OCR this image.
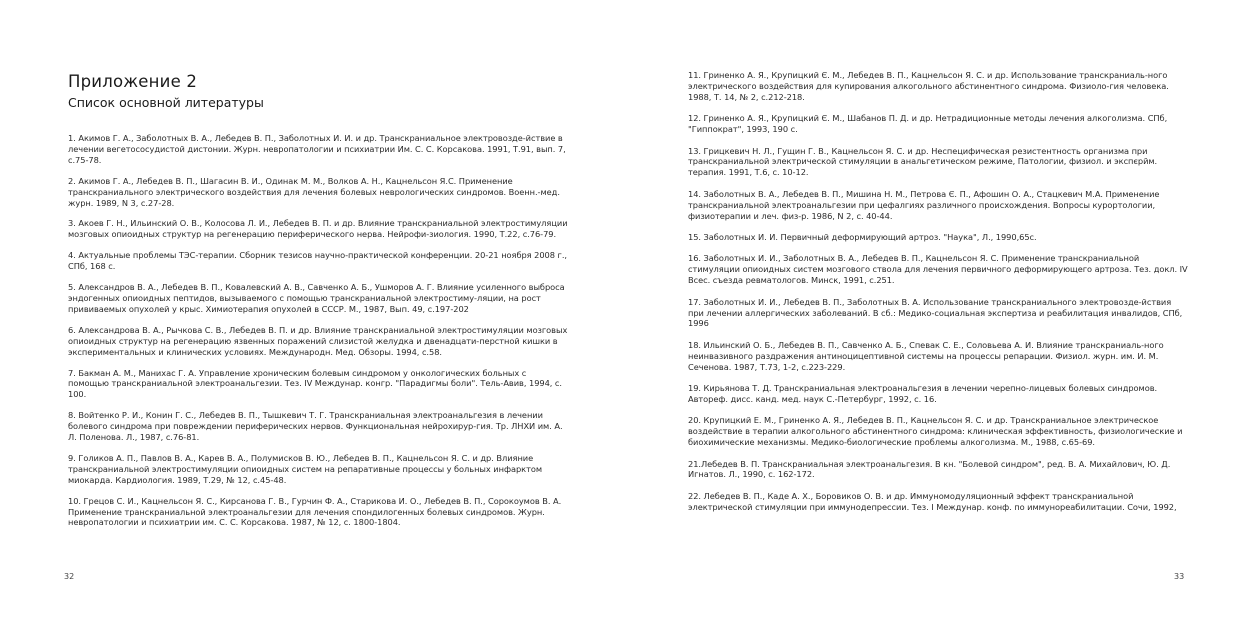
Приложение 2
Список основной литературы

1. Акимов Г. А., Заболотных В. А., Лебедев В. П., Заболотных И. И. и др. Транскраниальное электровозде-йствие в лечении вегетососудистой дистонии. Журн. невропатологии и психиатрии Им. С. С. Корсакова. 1991, Т.91, вып. 7, с.75-78.

2. Акимов Г. А., Лебедев В. П., Шагасин В. И., Одинак М. М., Волков А. Н., Кацнельсон Я.С. Применение транскраниального электрического воздействия для лечения болевых неврологических синдромов. Военн.-мед. журн. 1989, N 3, с.27-28.

3. Акоев Г. Н., Ильинский О. В., Колосова Л. И., Лебедев В. П. и др. Влияние транскраниальной электростимуляции мозговых опиоидных структур на регенерацию периферического нерва. Нейрофи-зиология. 1990, Т.22, с.76-79.

4. Актуальные проблемы ТЭС-терапии. Сборник тезисов научно-практической конференции. 20-21 ноября 2008 г., СПб, 168 с.

5. Александров В. А., Лебедев В. П., Ковалевский А. В., Савченко А. Б., Ушморов А. Г. Влияние усиленного выброса эндогенных опиоидных пептидов, вызываемого с помощью транскраниальной электростиму-ляции, на рост прививаемых опухолей у крыс. Химиотерапия опухолей в СССР. М., 1987, Вып. 49, с.197-202

6. Александрова В. А., Рычкова С. В., Лебедев В. П. и др. Влияние транскраниальной электростимуляции мозговых опиоидных структур на регенерацию язвенных поражений слизистой желудка и двенадцати-перстной кишки в экспериментальных и клинических условиях. Международн. Мед. Обзоры. 1994, с.58.

7. Бакман А. М., Манихас Г. А. Управление хроническим болевым синдромом у онкологических больных с помощью транскраниальной электроанальгезии. Тез. IV Междунар. конгр. "Парадигмы боли". Тель-Авив, 1994, с. 100.

8. Войтенко Р. И., Конин Г. С., Лебедев В. П., Тышкевич Т. Г. Транскраниальная электроанальгезия в лечении болевого синдрома при повреждении периферических нервов. Функциональная нейрохирур-гия. Тр. ЛНХИ им. А. Л. Поленова. Л., 1987, с.76-81.

9. Голиков А. П., Павлов В. А., Карев В. А., Полумисков В. Ю., Лебедев В. П., Кацнельсон Я. С. и др. Влияние транскраниальной электростимуляции опиоидных систем на репаративные процессы у больных инфарктом миокарда. Кардиология. 1989, Т.29, № 12, с.45-48.

10. Грецов С. И., Кацнельсон Я. С., Кирсанова Г. В., Гурчин Ф. А., Старикова И. О., Лебедев В. П., Сорокоумов В. А. Применение транскраниальной электроанальгезии для лечения спондилогенных болевых синдромов. Журн. невропатологии и психиатрии им. С. С. Корсакова. 1987, № 12, с. 1800-1804.

32

11. Гриненко А. Я., Крупицкий Є. М., Лебедев В. П., Кацнельсон Я. С. и др. Использование транскраниаль-ного электрического воздействия для купирования алкогольного абстинентного синдрома. Физиоло-гия человека. 1988, Т. 14, № 2, с.212-218.

12. Гриненко А. Я., Крупицкий Є. М., Шабанов П. Д. и др. Нетрадиционные методы лечения алкоголизма. СПб, "Гиппократ", 1993, 190 с.

13. Грицкевич Н. Л., Гущин Г. В., Кацнельсон Я. С. и др. Неспецифическая резистентность организма при транскраниальной электрической стимуляции в анальгетическом режиме, Патологии, физиол. и экспєрйм. терапия. 1991, Т.6, с. 10-12.

14. Заболотных В. А., Лебедев В. П., Мишина Н. М., Петрова Є. П., Афошин О. А., Стацкевич М.А. Применение транскраниальной электроанальгезии при цефалгиях различного происхождения. Вопросы курортологии, физиотерапии и леч. физ-р. 1986, N 2, с. 40-44.

15. Заболотных И. И. Первичный деформирующий артроз. "Наука", Л., 1990,65с.

16. Заболотных И. И., Заболотных В. А., Лебедев В. П., Кацнельсон Я. С. Применение транскраниальной стимуляции опиоидных систем мозгового ствола для лечения первичного деформирующего артроза. Тез. докл. IV Всес. съезда ревматологов. Минск, 1991, с.251.

17. Заболотных И. И., Лебедев В. П., Заболотных В. А. Использование транскраниального электровозде-йствия при лечении аллергических заболеваний. В сб.: Медико-социальная экспертиза и реабилитация инвалидов, СПб, 1996

18. Ильинский О. Б., Лебедев В. П., Савченко А. Б., Спевак С. Е., Соловьева А. И. Влияние транскраниаль-ного неинвазивного раздражения антиноцицептивной системы на процессы репарации. Физиол. журн. им. И. М. Сеченова. 1987, Т.73, 1-2, с.223-229.

19. Кирьянова Т. Д. Транскраниальная электроанальгезия в лечении черепно-лицевых болевых синдромов. Автореф. дисс. канд. мед. наук С.-Петербург, 1992, с. 16.

20. Крупицкий Е. М., Гриненко А. Я., Лебедев В. П., Кацнельсон Я. С. и др. Транскраниальное электрическое воздействие в терапии алкогольного абстинентного синдрома: клиническая эффективность, физиологические и биохимические механизмы. Медико-биологические проблемы алкоголизма. М., 1988, с.65-69.

21.Лебедев В. П. Транскраниальная электроанальгезия. В кн. "Болевой синдром", ред. В. А. Михайлович, Ю. Д. Игнатов. Л., 1990, с. 162-172.

22. Лебедев В. П., Каде А. Х., Боровиков О. В. и др. Иммуномодуляционный эффект транскраниальной электрической стимуляции при иммунодепрессии. Тез. I Междунар. конф. по иммунореабилитации. Сочи, 1992,

33
